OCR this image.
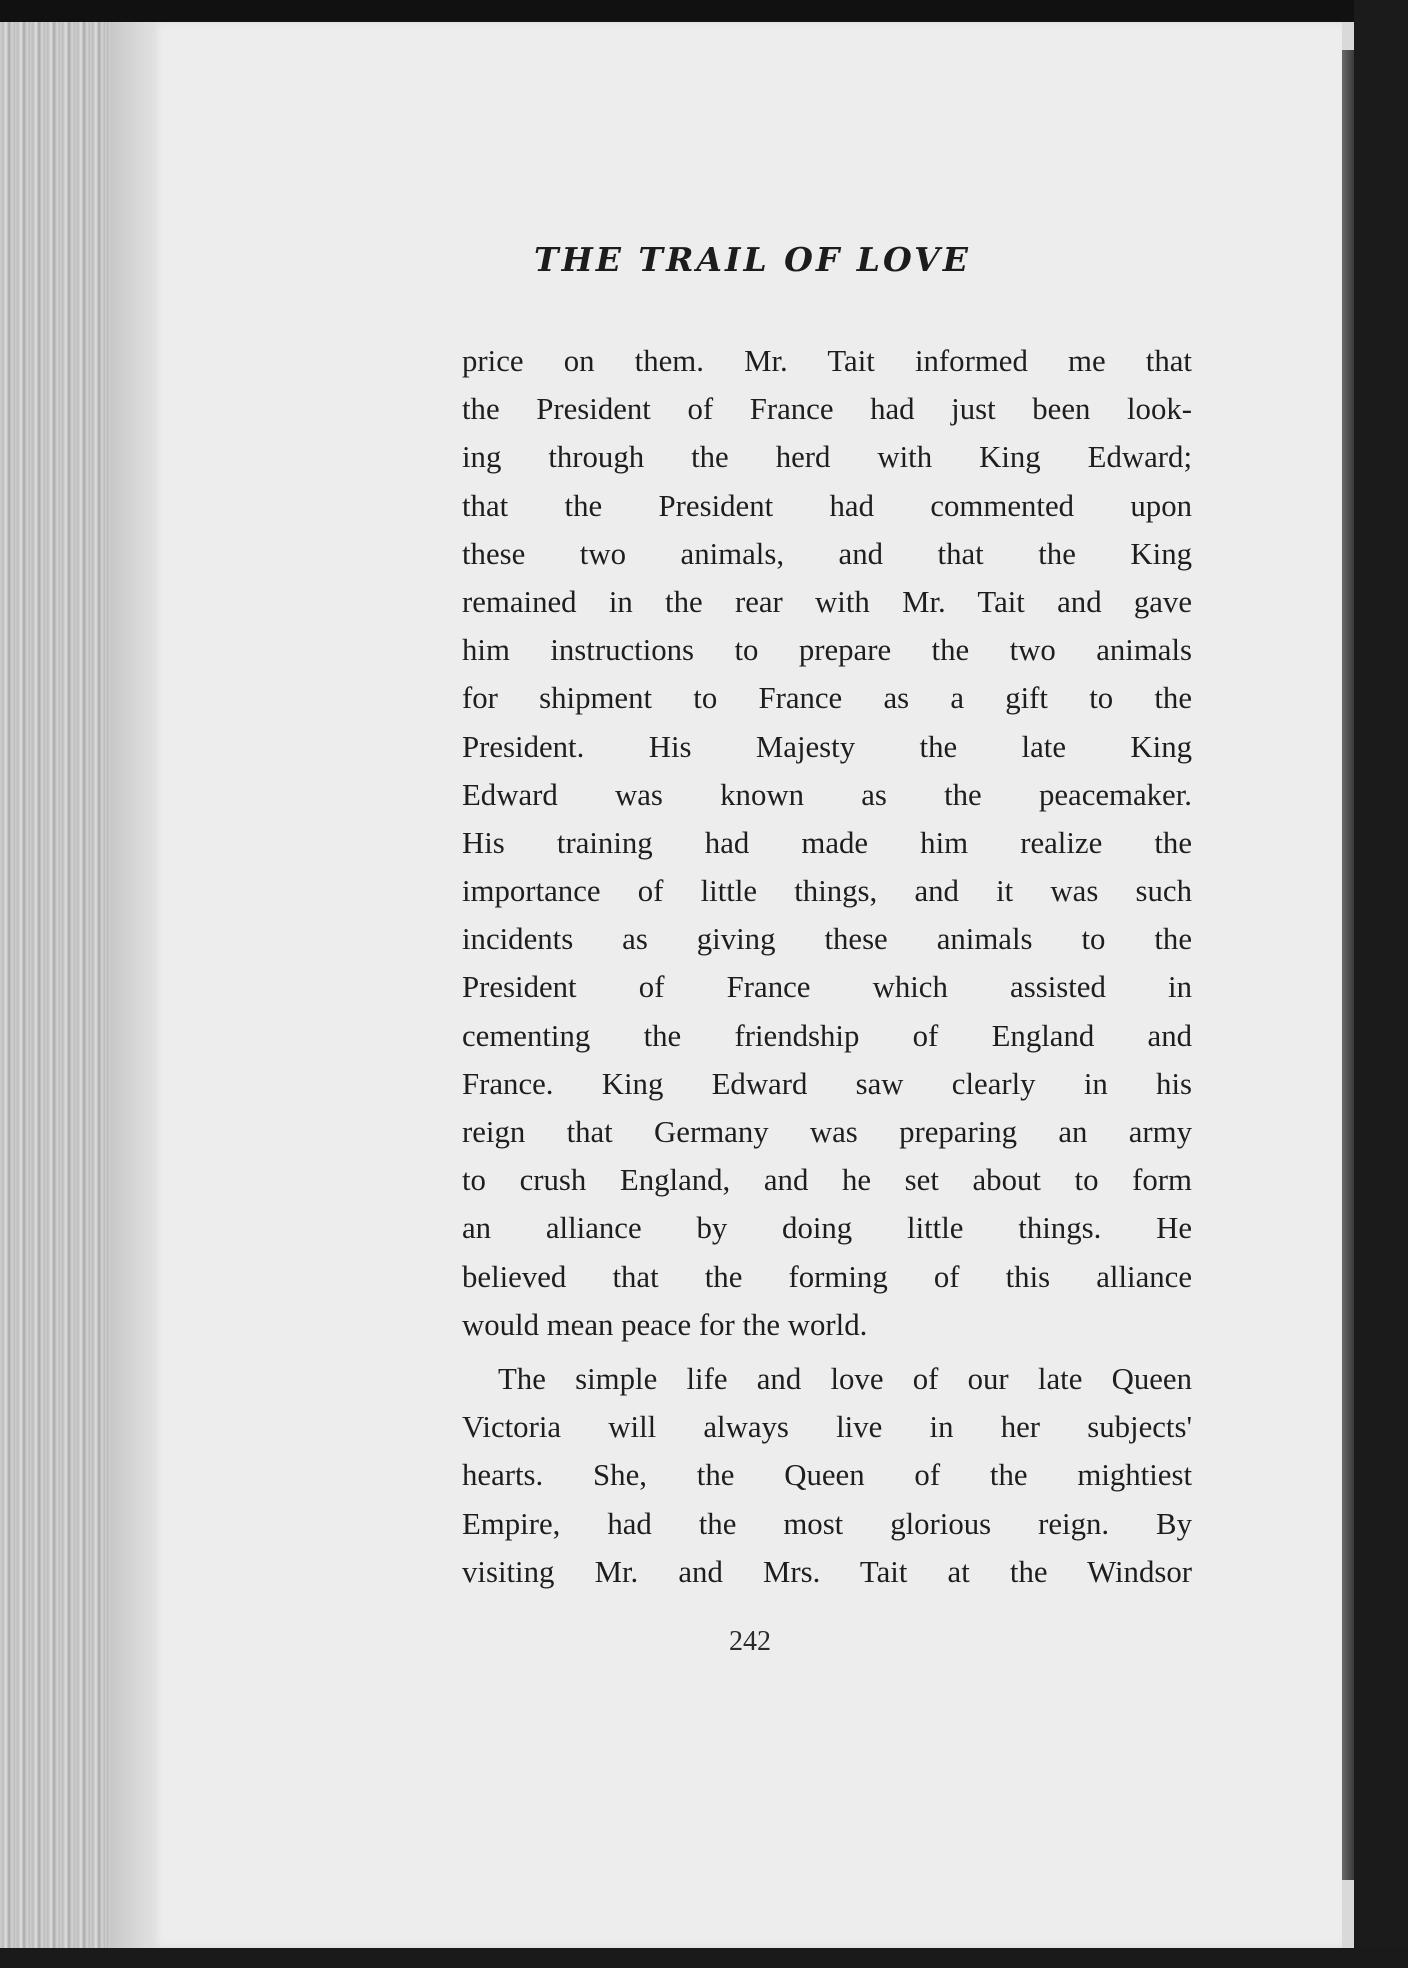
THE TRAIL OF LOVE
price on them. Mr. Tait informed me that
the President of France had just been look-
ing through the herd with King Edward;
that the President had commented upon
these two animals, and that the King
remained in the rear with Mr. Tait and gave
him instructions to prepare the two animals
for shipment to France as a gift to the
President. His Majesty the late King
Edward was known as the peacemaker.
His training had made him realize the
importance of little things, and it was such
incidents as giving these animals to the
President of France which assisted in
cementing the friendship of England and
France. King Edward saw clearly in his
reign that Germany was preparing an army
to crush England, and he set about to form
an alliance by doing little things. He
believed that the forming of this alliance
would mean peace for the world.
The simple life and love of our late Queen
Victoria will always live in her subjects'
hearts. She, the Queen of the mightiest
Empire, had the most glorious reign. By
visiting Mr. and Mrs. Tait at the Windsor
242
